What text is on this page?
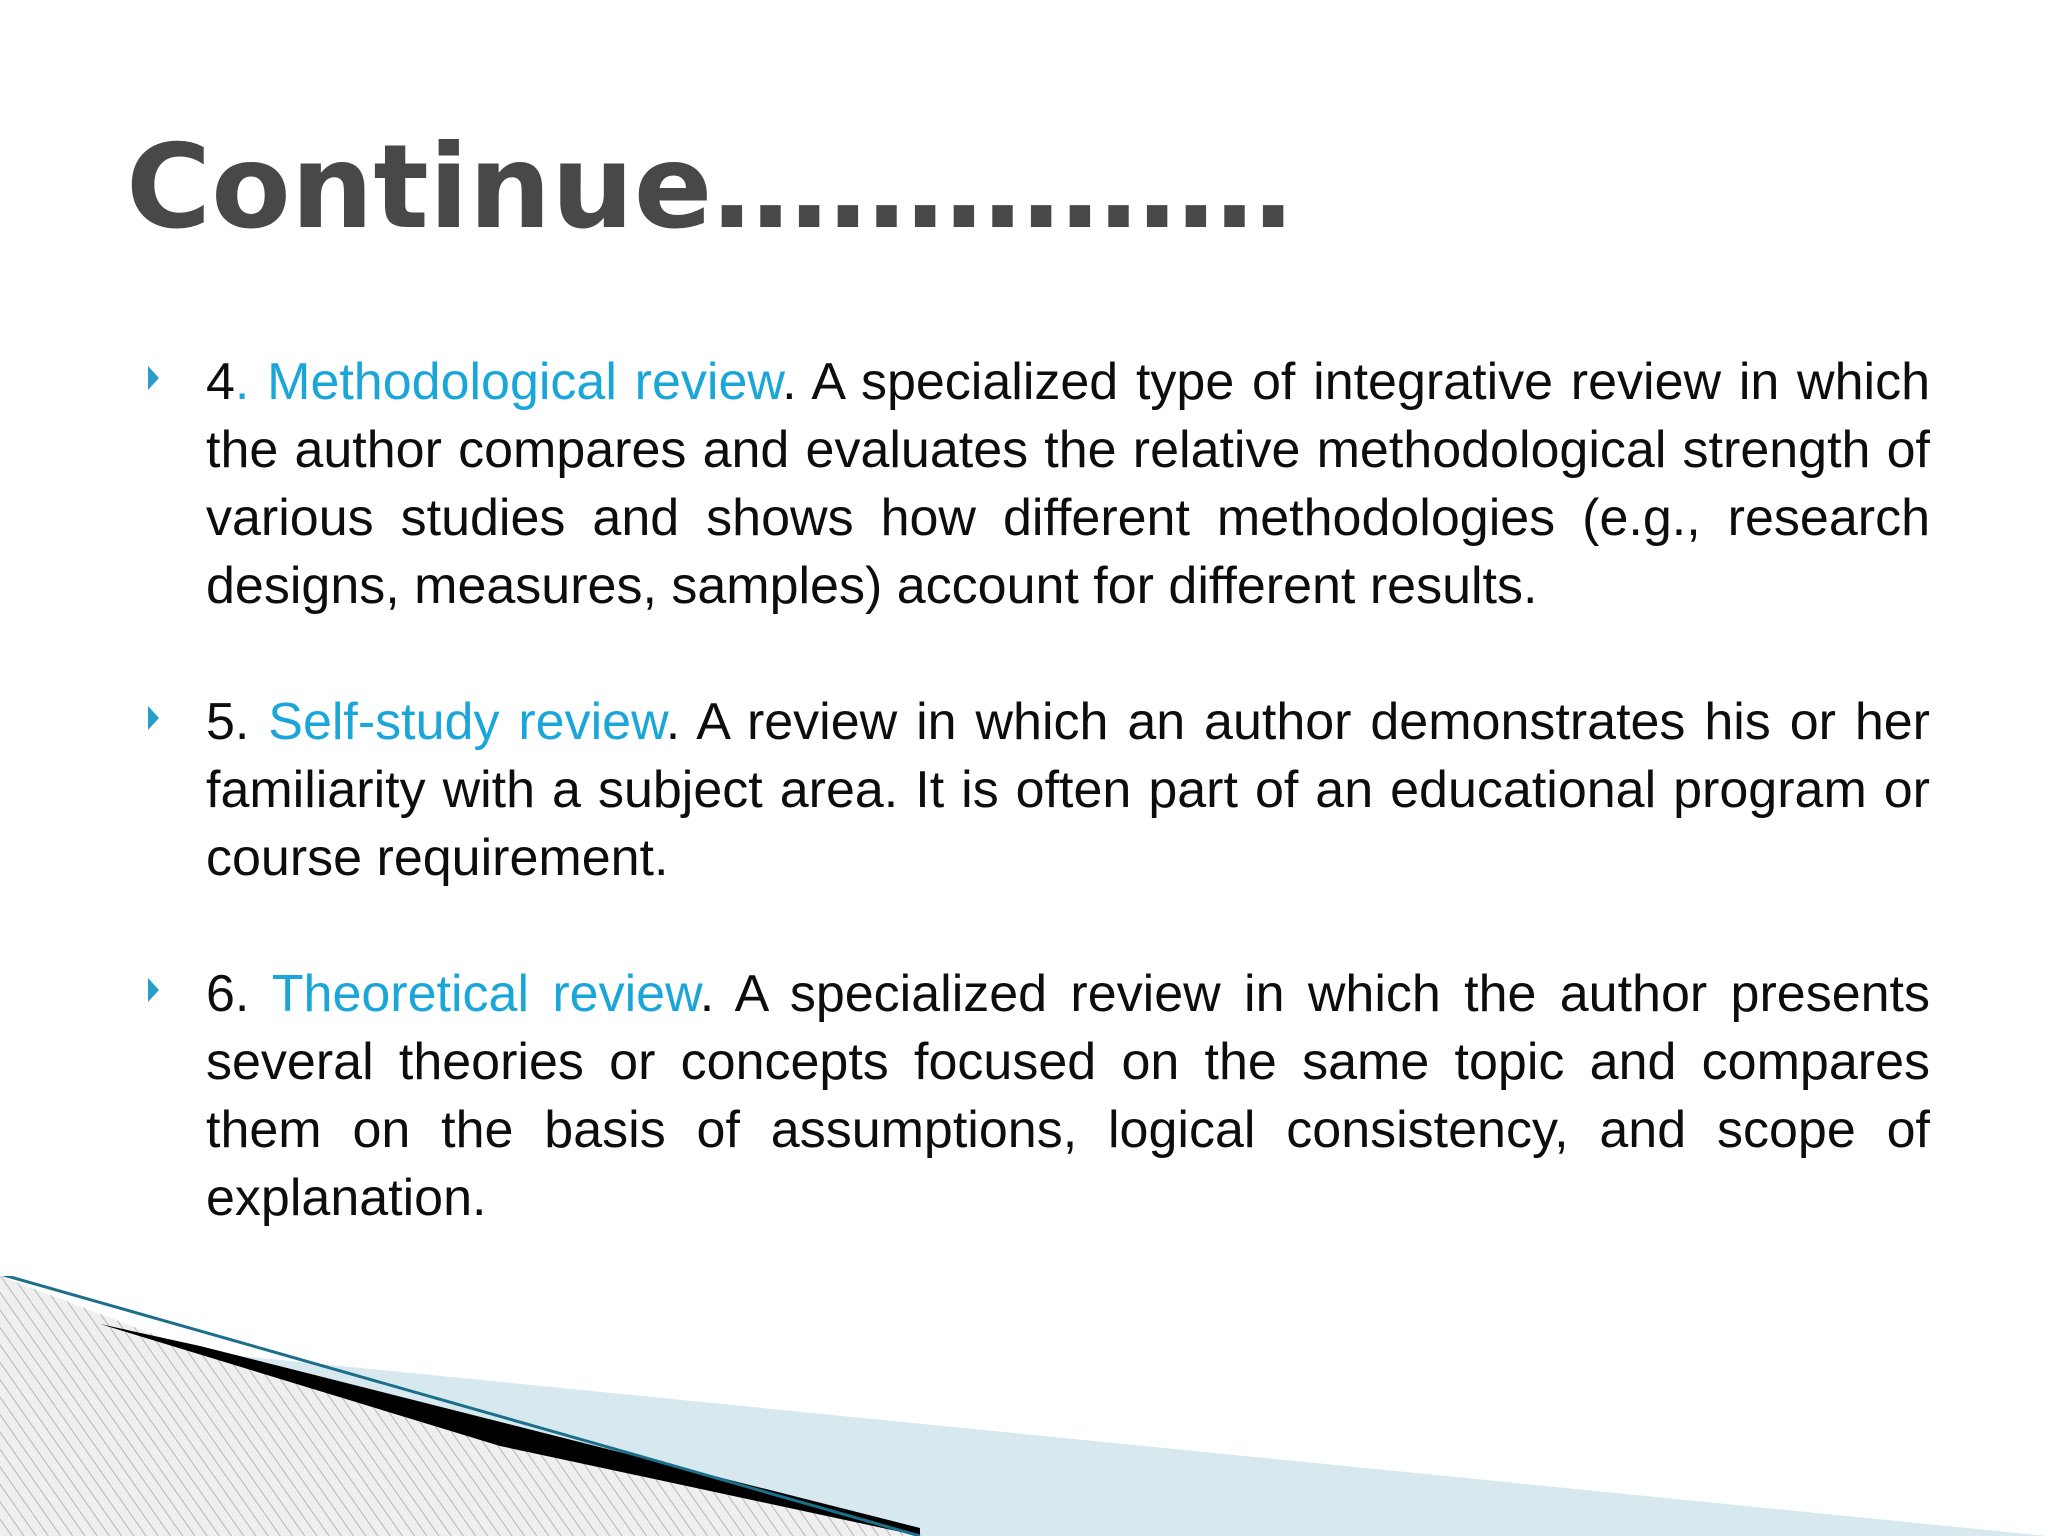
Continue……………

4. Methodological review. A specialized type of integrative review in which the author compares and evaluates the relative methodological strength of various studies and shows how different methodologies (e.g., research designs, measures, samples) account for different results.

5. Self-study review. A review in which an author demonstrates his or her familiarity with a subject area. It is often part of an educational program or course requirement.

6. Theoretical review. A specialized review in which the author presents several theories or concepts focused on the same topic and compares them on the basis of assumptions, logical consistency, and scope of explanation.
